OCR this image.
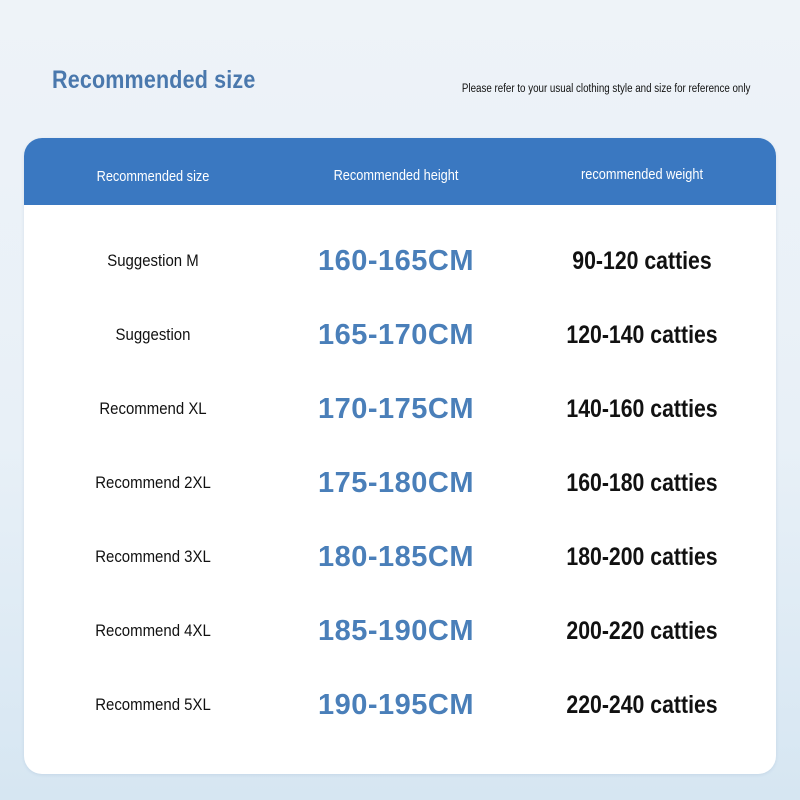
Recommended size	Please refer to your usual clothing style and size for reference only
Recommended size	Recommended height	recommended weight
Suggestion M	160-165CM	90-120 catties
Suggestion	165-170CM	120-140 catties
Recommend XL	170-175CM	140-160 catties
Recommend 2XL	175-180CM	160-180 catties
Recommend 3XL	180-185CM	180-200 catties
Recommend 4XL	185-190CM	200-220 catties
Recommend 5XL	190-195CM	220-240 catties
